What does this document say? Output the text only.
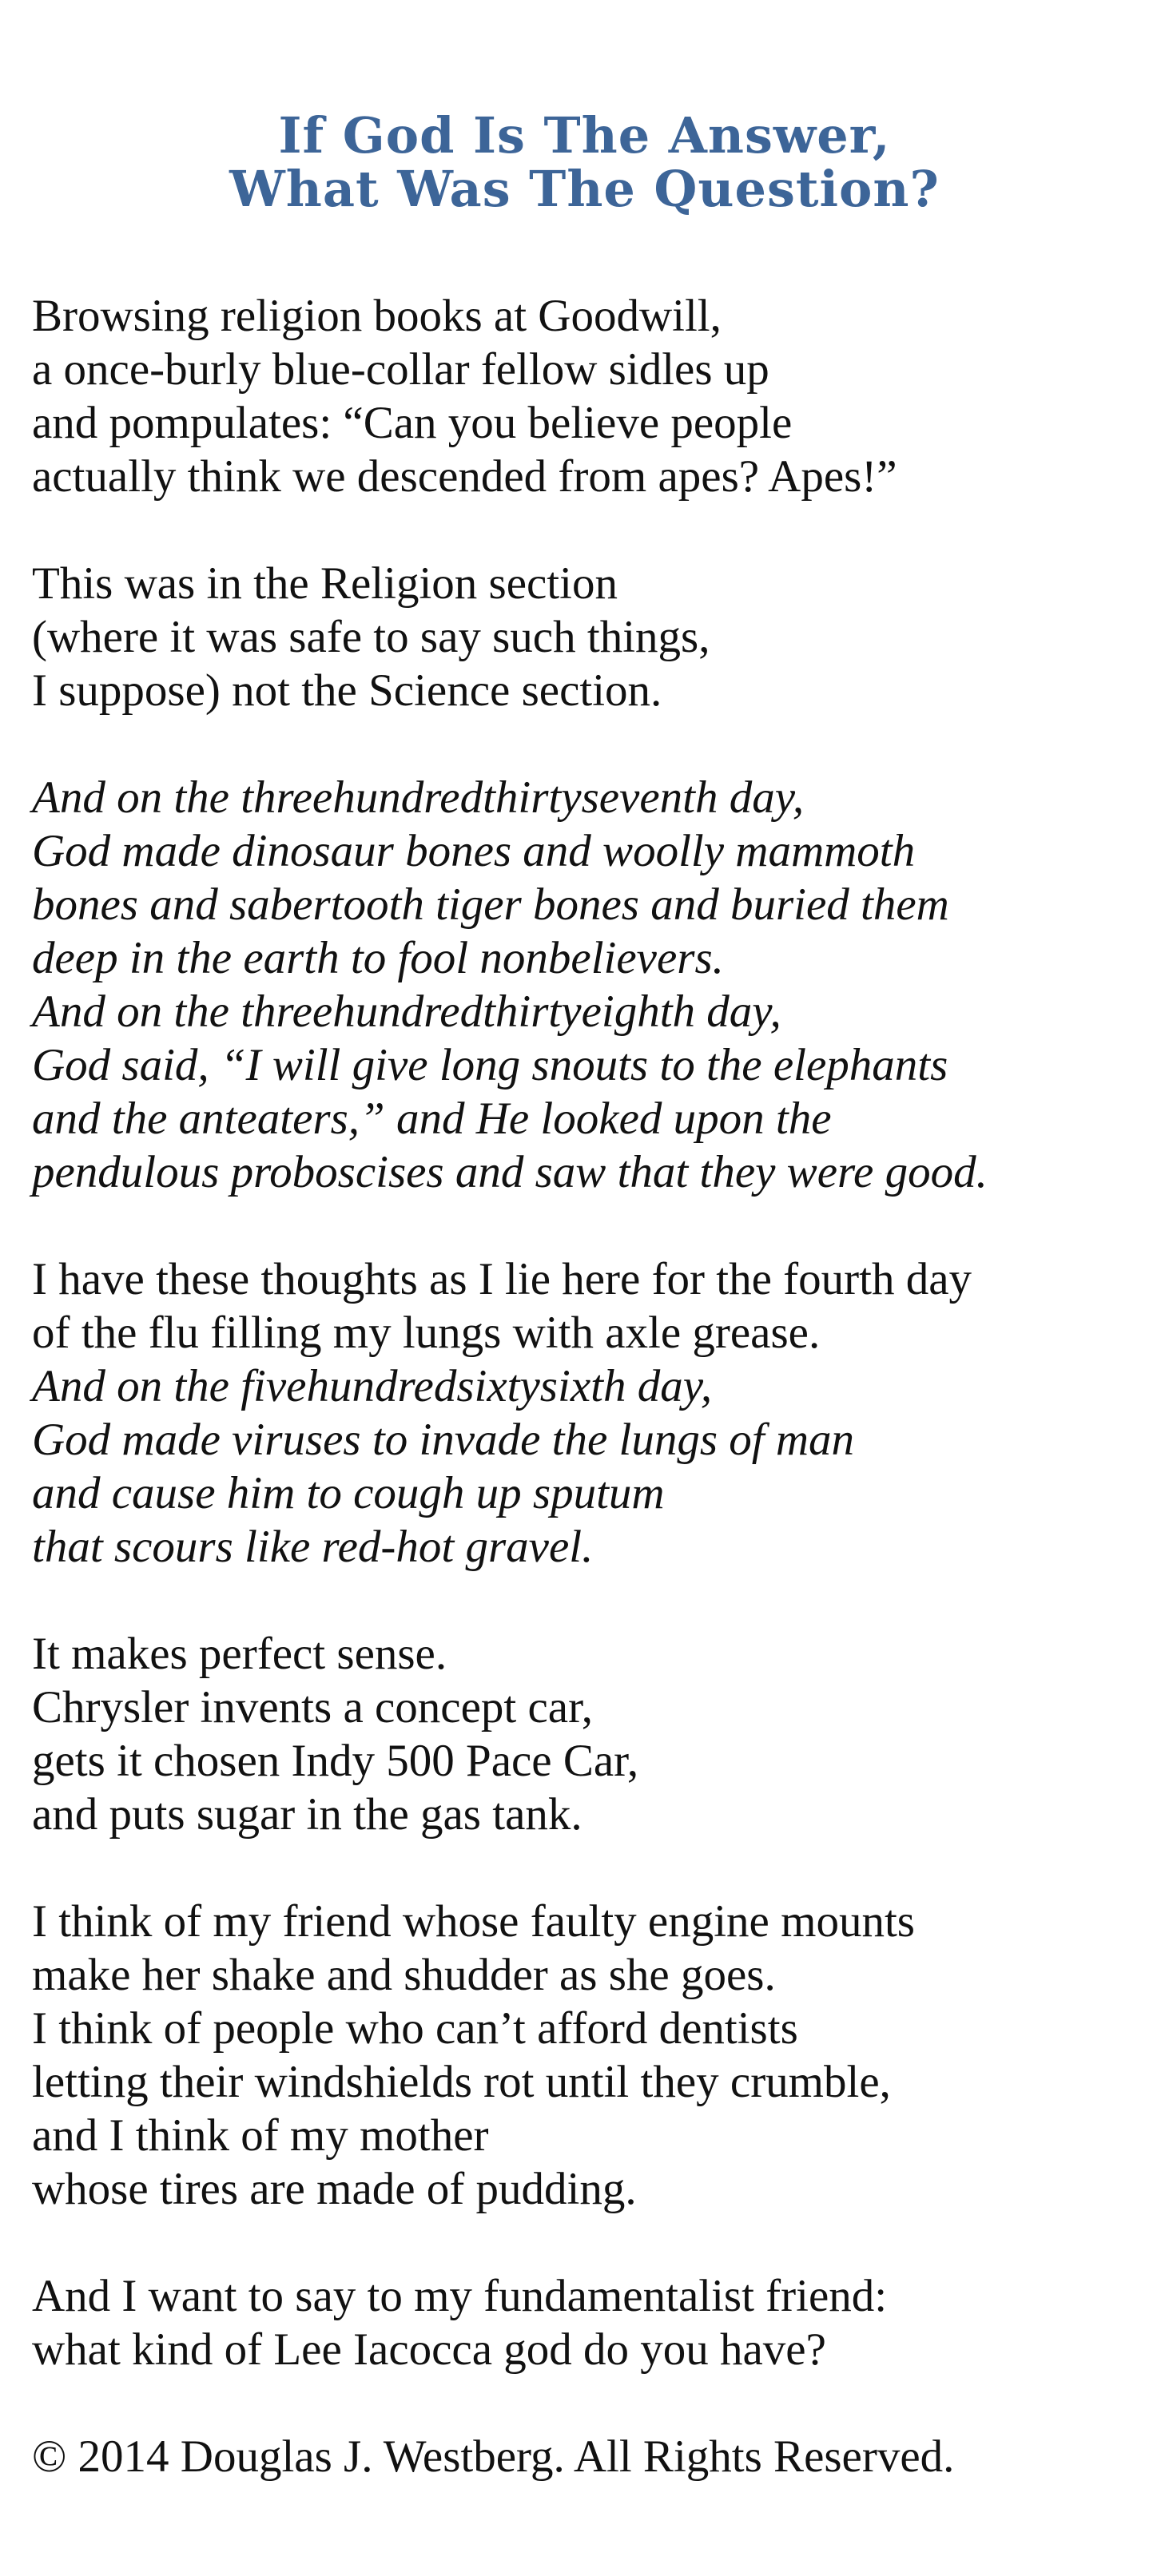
If God Is The Answer,
What Was The Question?
Browsing religion books at Goodwill,
a once-burly blue-collar fellow sidles up
and pompulates: “Can you believe people
actually think we descended from apes? Apes!”
This was in the Religion section
(where it was safe to say such things,
I suppose) not the Science section.
And on the threehundredthirtyseventh day,
God made dinosaur bones and woolly mammoth
bones and sabertooth tiger bones and buried them
deep in the earth to fool nonbelievers.
And on the threehundredthirtyeighth day,
God said, “I will give long snouts to the elephants
and the anteaters,” and He looked upon the
pendulous proboscises and saw that they were good.
I have these thoughts as I lie here for the fourth day
of the flu filling my lungs with axle grease.
And on the fivehundredsixtysixth day,
God made viruses to invade the lungs of man
and cause him to cough up sputum
that scours like red-hot gravel.
It makes perfect sense.
Chrysler invents a concept car,
gets it chosen Indy 500 Pace Car,
and puts sugar in the gas tank.
I think of my friend whose faulty engine mounts
make her shake and shudder as she goes.
I think of people who can’t afford dentists
letting their windshields rot until they crumble,
and I think of my mother
whose tires are made of pudding.
And I want to say to my fundamentalist friend:
what kind of Lee Iacocca god do you have?
© 2014 Douglas J. Westberg. All Rights Reserved.
